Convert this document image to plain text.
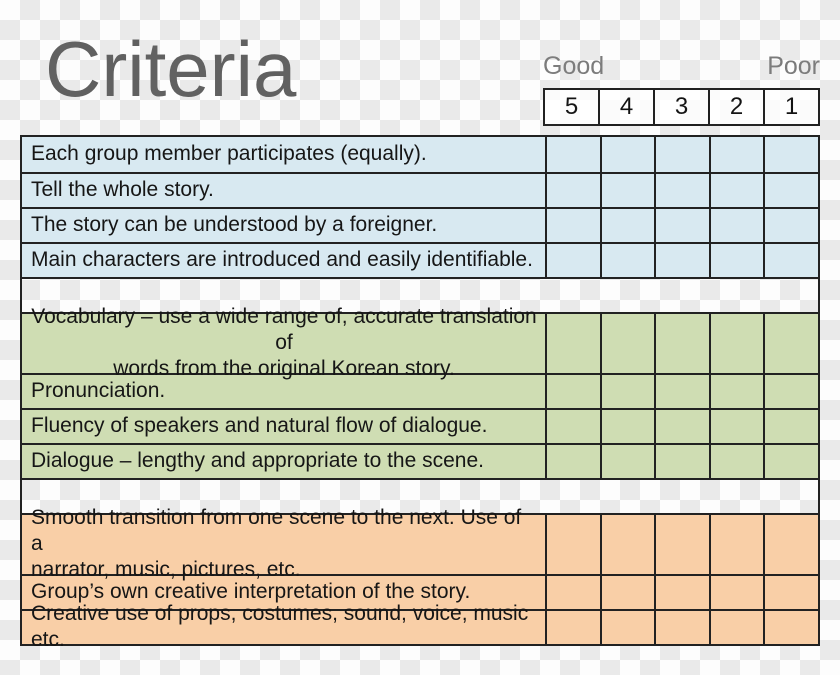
Criteria	Good	Poor
5	4	3	2	1
Each group member participates (equally).
Tell the whole story.
The story can be understood by a foreigner.
Main characters are introduced and easily identifiable.
Vocabulary – use a wide range of, accurate translation of
words from the original Korean story.
Pronunciation.
Fluency of speakers and natural flow of dialogue.
Dialogue – lengthy and appropriate to the scene.
Smooth transition from one scene to the next. Use of a
narrator, music, pictures, etc.
Group’s own creative interpretation of the story.
Creative use of props, costumes, sound, voice, music etc.
